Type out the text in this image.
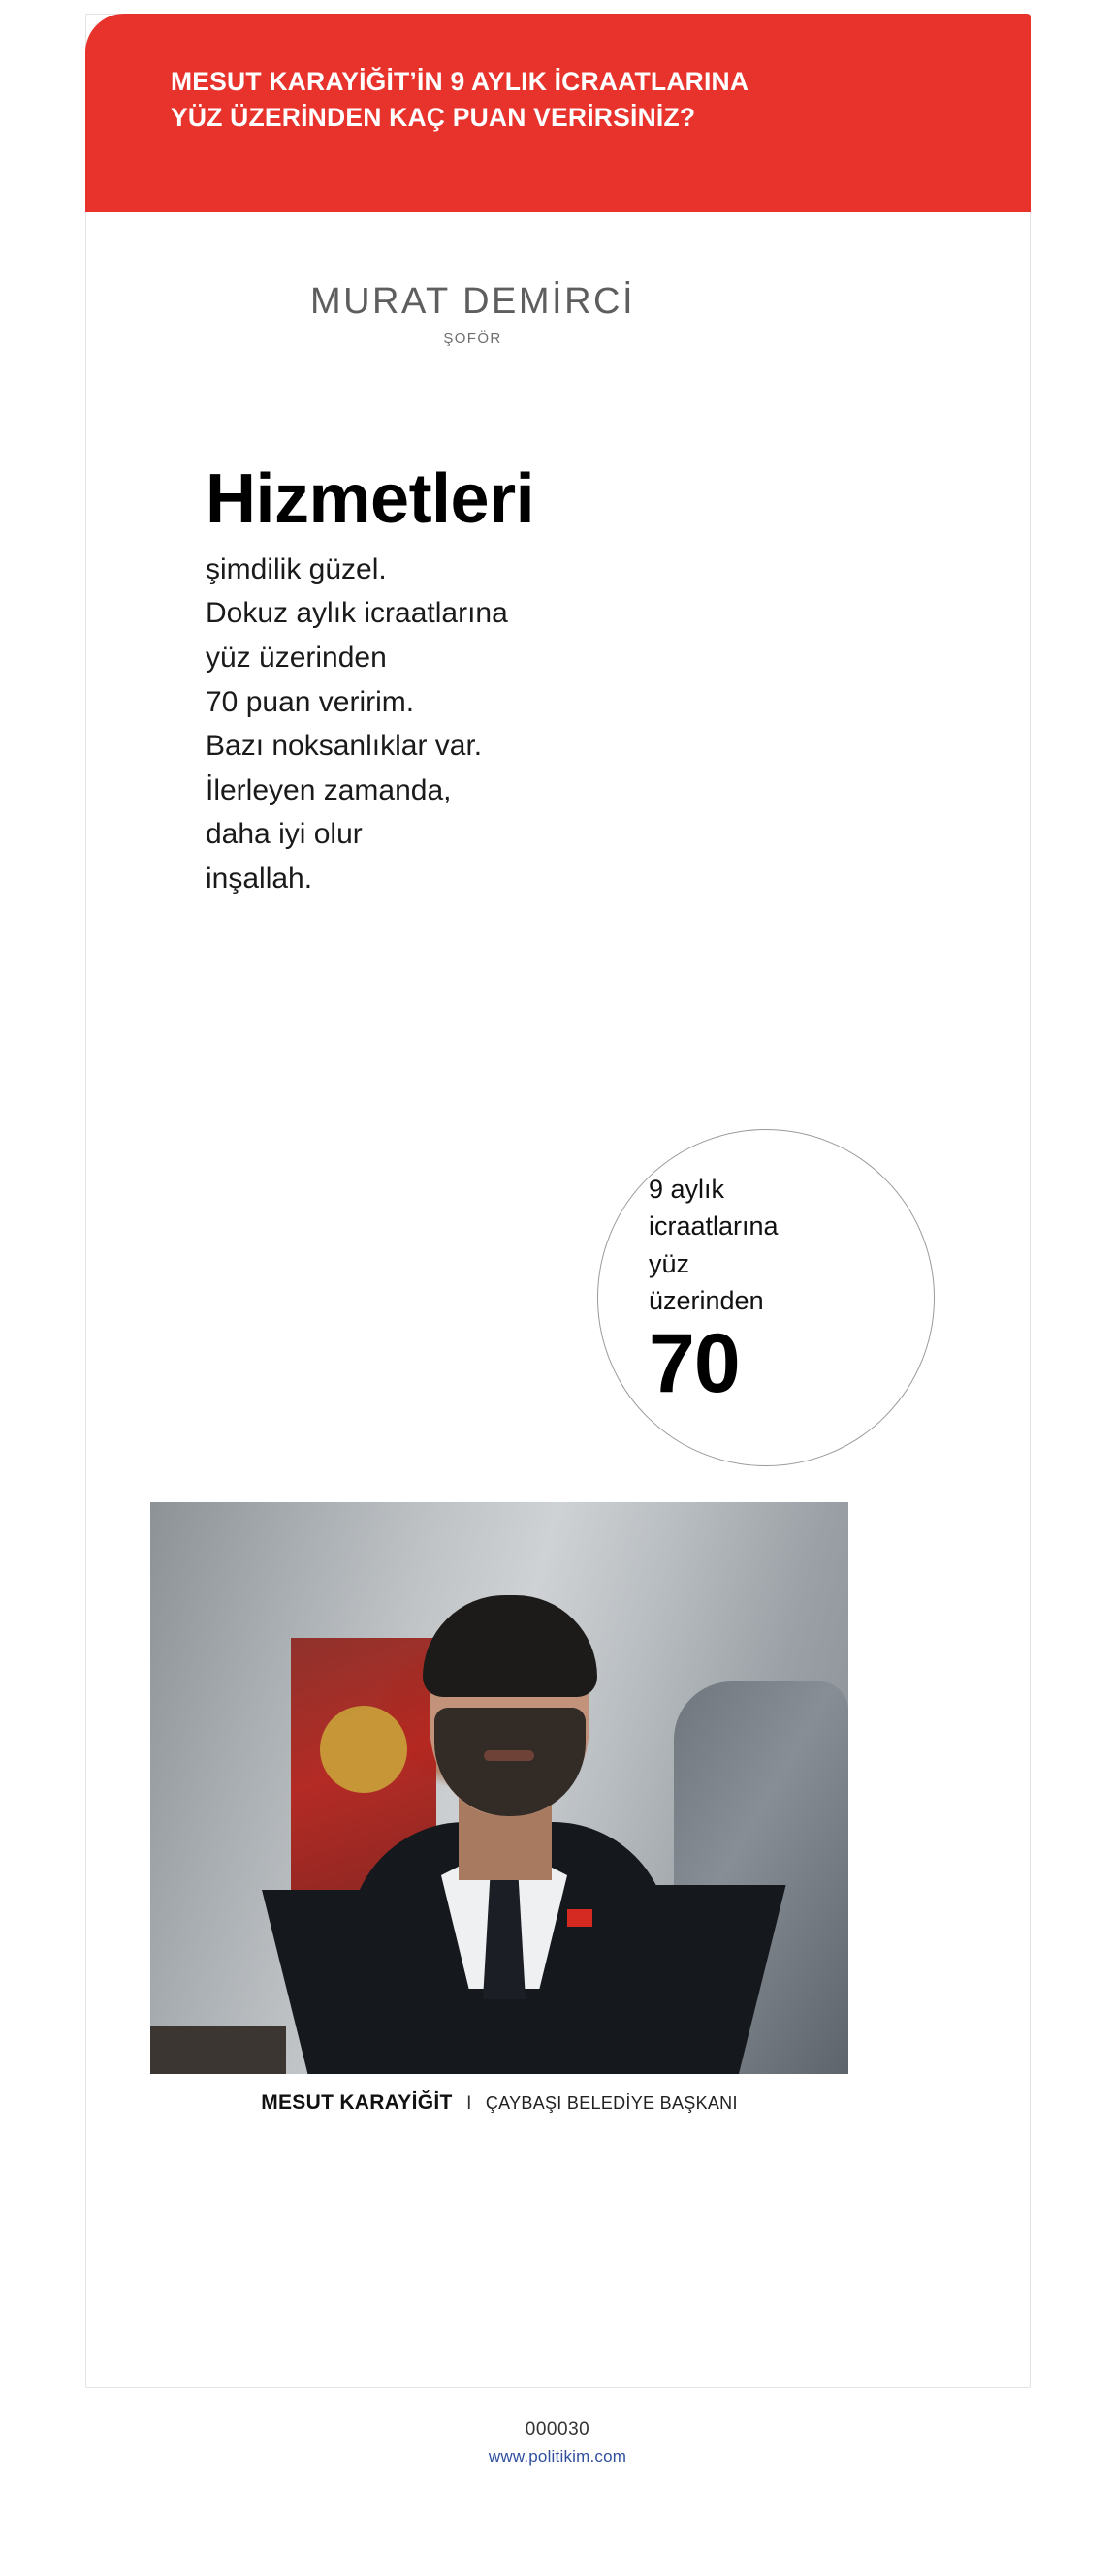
MESUT KARAYİĞİT’İN 9 AYLIK İCRAATLARINA
YÜZ ÜZERİNDEN KAÇ PUAN VERİRSİNİZ?
MURAT DEMİRCİ
ŞOFÖR
Hizmetleri
şimdilik güzel.
Dokuz aylık icraatlarına
yüz üzerinden
70 puan veririm.
Bazı noksanlıklar var.
İlerleyen zamanda,
daha iyi olur
inşallah.
9 aylık
icraatlarına
yüz
üzerinden
70
MESUT KARAYİĞİT I ÇAYBAŞI BELEDİYE BAŞKANI
000030
www.politikim.com
